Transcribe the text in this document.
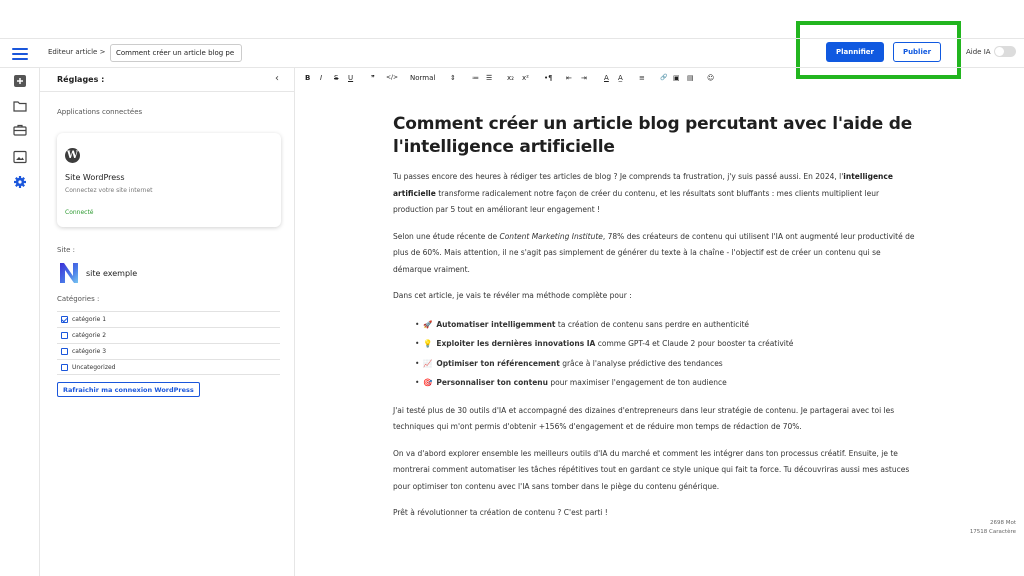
Editeur article >
Comment créer un article blog pe	Plannifier	Publier	Aide IA
Réglages :	‹
Applications connectées
W
Site WordPress
Connectez votre site internet
Connecté
Site :
site exemple
Catégories :
catégorie 1
catégorie 2
catégorie 3
Uncategorized
Rafraichir ma connexion WordPress
B I S U	❞ </> Normal ⇕ ≔ ☰ x₂ x² •¶ ⇤ ⇥ A A̲ ≡	🔗 ▣ ▤ ☺
Comment créer un article blog percutant avec l'aide de l'intelligence artificielle

Tu passes encore des heures à rédiger tes articles de blog ? Je comprends ta frustration, j'y suis passé aussi. En 2024, l'intelligence artificielle transforme radicalement notre façon de créer du contenu, et les résultats sont bluffants : mes clients multiplient leur production par 5 tout en améliorant leur engagement !

Selon une étude récente de Content Marketing Institute, 78% des créateurs de contenu qui utilisent l'IA ont augmenté leur productivité de plus de 60%. Mais attention, il ne s'agit pas simplement de générer du texte à la chaîne - l'objectif est de créer un contenu qui se démarque vraiment.

Dans cet article, je vais te révéler ma méthode complète pour :

• 🚀 Automatiser intelligemment ta création de contenu sans perdre en authenticité
• 💡 Exploiter les dernières innovations IA comme GPT-4 et Claude 2 pour booster ta créativité
• 📈 Optimiser ton référencement grâce à l'analyse prédictive des tendances
• 🎯 Personnaliser ton contenu pour maximiser l'engagement de ton audience

J'ai testé plus de 30 outils d'IA et accompagné des dizaines d'entrepreneurs dans leur stratégie de contenu. Je partagerai avec toi les techniques qui m'ont permis d'obtenir +156% d'engagement et de réduire mon temps de rédaction de 70%.

On va d'abord explorer ensemble les meilleurs outils d'IA du marché et comment les intégrer dans ton processus créatif. Ensuite, je te montrerai comment automatiser les tâches répétitives tout en gardant ce style unique qui fait ta force. Tu découvriras aussi mes astuces pour optimiser ton contenu avec l'IA sans tomber dans le piège du contenu générique.

Prêt à révolutionner ta création de contenu ? C'est parti !

2698 Mot
17518 Caractère
